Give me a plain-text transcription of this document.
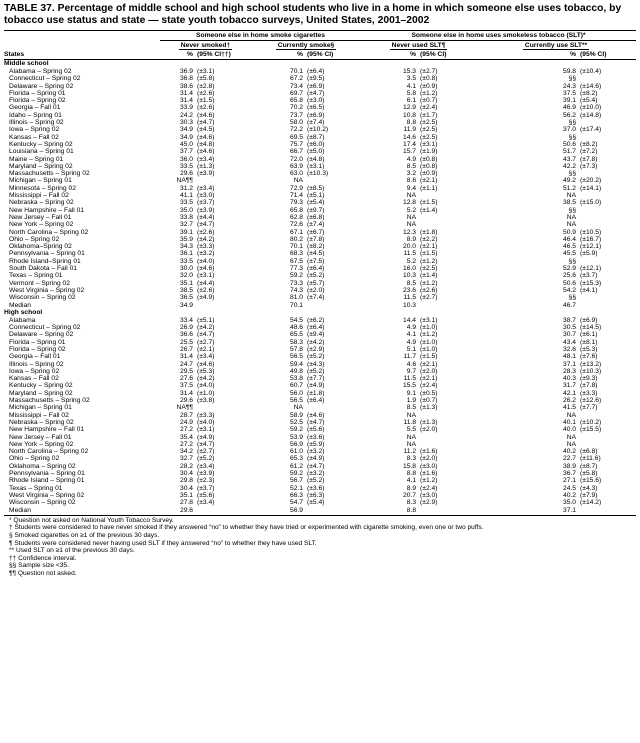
TABLE 37. Percentage of middle school and high school students who live in a home in which someone else uses tobacco, by tobacco use status and state — state youth tobacco surveys, United States, 2001–2002
	Someone else in home smoke cigarettes				Someone else in home uses smokeless tobacco (SLT)*			
	Never smoked†		Currently smoke§		Never used SLT¶		Currently use SLT**	
States	%	(95% CI††)	%	(95% CI)	%	(95% CI)	%	(95% CI)
Middle school								
Alabama – Spring 02	36.9	(±3.1)	70.1	(±6.4)	15.3	(±2.7)	59.8	(±10.4)
Connecticut – Spring 02	36.8	(±5.8)	67.2	(±9.5)	3.5	(±0.8)	§§	
Delaware – Spring 02	38.6	(±2.8)	73.4	(±6.9)	4.1	(±0.9)	24.3	(±14.6)
Florida – Spring 01	31.4	(±2.6)	69.7	(±4.7)	5.8	(±1.2)	37.5	(±8.2)
Florida – Spring 02	31.4	(±1.5)	65.8	(±3.0)	6.1	(±0.7)	39.1	(±5.4)
Georgia – Fall 01	33.9	(±2.6)	70.2	(±6.5)	12.9	(±2.4)	46.9	(±10.0)
Idaho – Spring 01	24.2	(±4.6)	73.7	(±6.9)	10.8	(±1.7)	56.2	(±14.8)
Illinois – Spring 02	30.3	(±4.7)	58.0	(±7.4)	8.8	(±2.5)	§§	
Iowa – Spring 02	34.9	(±4.5)	72.2	(±10.2)	11.9	(±2.5)	37.0	(±17.4)
Kansas – Fall 02	34.9	(±4.6)	69.5	(±8.7)	14.6	(±2.5)	§§	
Kentucky – Spring 02	45.0	(±4.8)	75.7	(±6.0)	17.4	(±3.1)	50.6	(±8.2)
Louisiana – Spring 01	37.7	(±4.6)	66.7	(±5.0)	15.7	(±1.9)	51.7	(±7.2)
Maine – Spring 01	36.0	(±3.4)	72.0	(±4.8)	4.9	(±0.8)	43.7	(±7.8)
Maryland – Spring 02	33.5	(±1.3)	63.9	(±3.1)	8.5	(±0.8)	42.2	(±7.3)
Massachusetts – Spring 02	29.6	(±3.9)	63.0	(±10.3)	3.2	(±0.9)	§§	
Michigan – Spring 01	NA¶¶		NA		8.6	(±2.1)	49.2	(±20.2)
Minnesota – Spring 02	31.2	(±3.4)	72.9	(±8.5)	9.4	(±1.1)	51.2	(±14.1)
Mississippi – Fall 02	41.1	(±3.0)	71.4	(±5.1)	NA		NA	
Nebraska – Spring 02	33.5	(±3.7)	79.3	(±5.4)	12.8	(±1.5)	38.5	(±15.0)
New Hampshire – Fall 01	35.0	(±3.9)	65.8	(±9.7)	5.2	(±1.4)	§§	
New Jersey – Fall 01	33.8	(±4.4)	62.8	(±6.8)	NA		NA	
New York – Spring 02	32.7	(±4.7)	72.6	(±7.4)	NA		NA	
North Carolina – Spring 02	39.1	(±2.6)	67.1	(±6.7)	12.3	(±1.8)	50.9	(±10.5)
Ohio – Spring 02	35.9	(±4.2)	80.2	(±7.8)	8.9	(±2.2)	46.4	(±16.7)
Oklahoma–Spring 02	34.3	(±3.3)	70.1	(±8.2)	20.0	(±2.1)	46.5	(±12.1)
Pennsylvania – Spring 01	36.1	(±3.2)	68.3	(±4.5)	11.5	(±1.5)	45.5	(±5.9)
Rhode Island–Spring 01	33.5	(±4.0)	67.5	(±7.5)	5.2	(±1.2)	§§	
South Dakota – Fall 01	30.0	(±4.6)	77.3	(±6.4)	16.0	(±2.5)	52.9	(±12.1)
Texas – Spring 01	32.0	(±3.1)	59.2	(±5.2)	10.3	(±1.4)	25.6	(±3.7)
Vermont – Spring 02	35.1	(±4.4)	73.3	(±5.7)	8.5	(±1.2)	50.6	(±15.3)
West Virginia – Spring 02	38.5	(±2.6)	74.3	(±2.0)	23.6	(±2.6)	54.2	(±4.1)
Wisconsin – Spring 02	36.5	(±4.9)	81.0	(±7.4)	11.5	(±2.7)	§§	
Median	34.9		70.1		10.3		46.7	
High school								
Alabama	33.4	(±5.1)	54.5	(±6.2)	14.4	(±3.1)	38.7	(±6.9)
Connecticut – Spring 02	26.9	(±4.2)	48.6	(±6.4)	4.9	(±1.0)	30.5	(±14.5)
Delaware – Spring 02	36.6	(±4.7)	65.5	(±9.4)	4.1	(±1.2)	30.7	(±6.1)
Florida – Spring 01	25.5	(±2.7)	58.3	(±4.2)	4.9	(±1.0)	43.4	(±8.1)
Florida – Spring 02	26.7	(±2.1)	57.8	(±2.9)	5.1	(±1.0)	32.6	(±5.3)
Georgia – Fall 01	31.4	(±3.4)	56.5	(±5.2)	11.7	(±1.5)	48.1	(±7.6)
Illinois – Spring 02	24.7	(±4.6)	59.4	(±4.3)	4.6	(±2.1)	37.1	(±13.2)
Iowa – Spring 02	29.5	(±5.3)	49.8	(±5.2)	9.7	(±2.0)	28.3	(±10.3)
Kansas – Fall 02	27.6	(±4.2)	53.8	(±7.7)	11.5	(±2.1)	40.3	(±9.3)
Kentucky – Spring 02	37.5	(±4.0)	60.7	(±4.9)	15.5	(±2.4)	31.7	(±7.8)
Maryland – Spring 02	31.4	(±1.0)	56.0	(±1.8)	9.1	(±0.5)	42.1	(±3.3)
Massachusetts – Spring 02	29.6	(±3.8)	56.5	(±6.4)	1.9	(±0.7)	26.2	(±12.6)
Michigan – Spring 01	NA¶¶		NA		8.5	(±1.3)	41.5	(±7.7)
Mississippi – Fall 02	28.7	(±3.3)	58.9	(±4.6)	NA		NA	
Nebraska – Spring 02	24.9	(±4.0)	52.5	(±4.7)	11.8	(±1.3)	40.1	(±10.2)
New Hampshire – Fall 01	27.2	(±3.1)	59.2	(±5.6)	5.5	(±2.0)	40.0	(±15.5)
New Jersey – Fall 01	35.4	(±4.9)	53.9	(±3.6)	NA		NA	
New York – Spring 02	27.2	(±4.7)	56.9	(±5.9)	NA		NA	
North Carolina – Spring 02	34.2	(±2.7)	61.0	(±3.2)	11.2	(±1.6)	40.2	(±6.8)
Ohio – Spring 02	32.7	(±5.2)	65.3	(±4.9)	8.3	(±2.0)	22.7	(±11.6)
Oklahoma – Spring 02	28.2	(±3.4)	61.2	(±4.7)	15.8	(±3.0)	38.9	(±8.7)
Pennsylvania – Spring 01	30.4	(±3.9)	59.2	(±3.2)	8.8	(±1.6)	36.7	(±5.8)
Rhode Island – Spring 01	29.8	(±2.3)	56.7	(±5.2)	4.1	(±1.2)	27.1	(±15.6)
Texas – Spring 01	30.4	(±3.7)	52.1	(±3.6)	8.9	(±2.4)	24.5	(±4.3)
West Virginia – Spring 02	35.1	(±5.6)	66.3	(±6.3)	20.7	(±3.0)	40.2	(±7.9)
Wisconsin – Spring 02	27.8	(±3.4)	54.7	(±5.4)	8.3	(±2.9)	35.0	(±14.2)
Median	29.6		56.9		8.8		37.1	
* Question not asked on National Youth Tobacco Survey.
† Students were considered to have never smoked if they answered “no” to whether they have tried or experimented with cigarette smoking, even one or two puffs.
§ Smoked cigarettes on ≥1 of the previous 30 days.
¶ Students were considered never having used SLT if they answered “no” to whether they have used SLT.
** Used SLT on ≥1 of the previous 30 days.
†† Confidence interval.
§§ Sample size <35.
¶¶ Question not asked.
